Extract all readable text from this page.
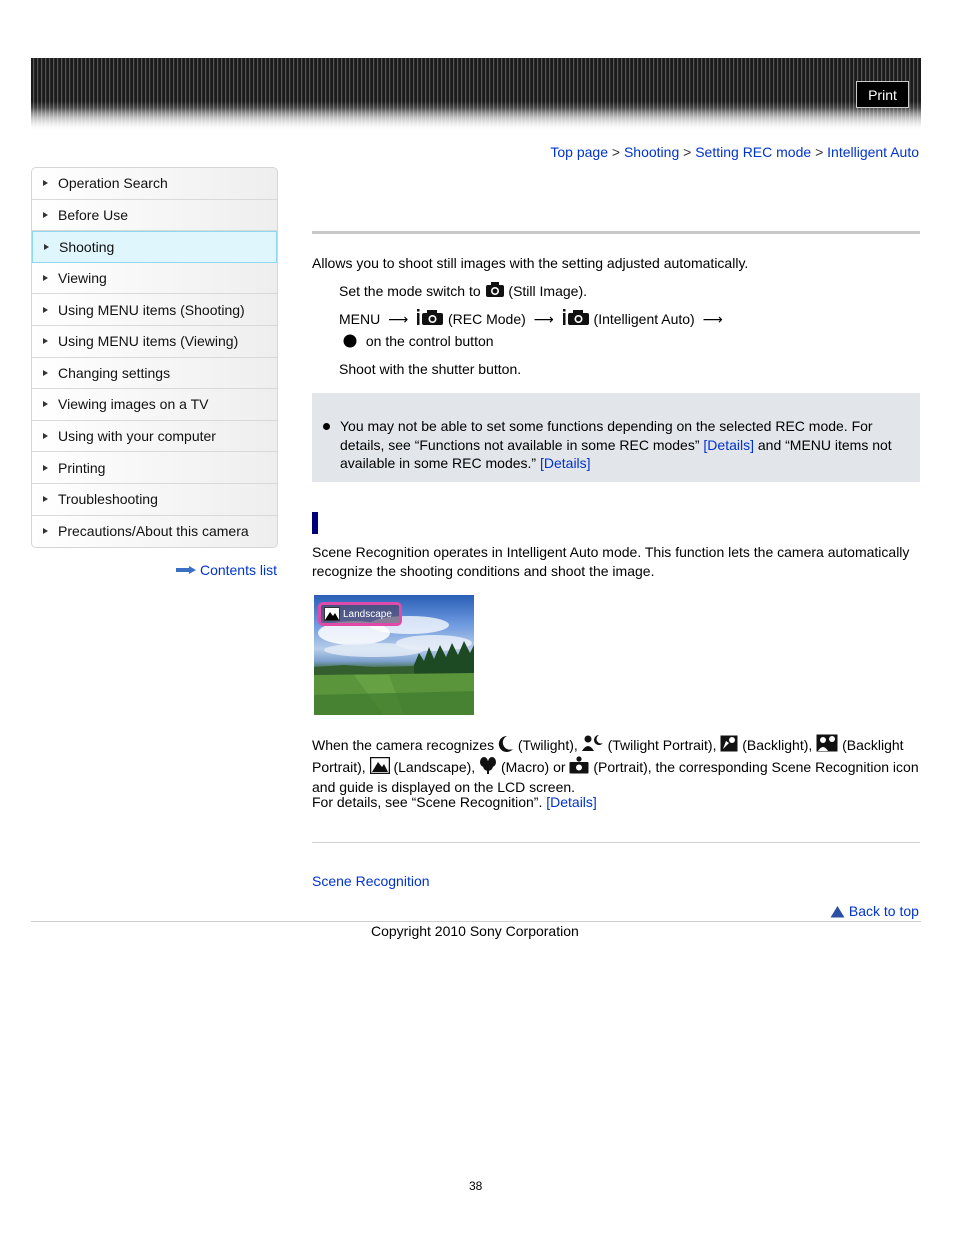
Print
Top page > Shooting > Setting REC mode > Intelligent Auto
Operation Search
Before Use
Shooting
Viewing
Using MENU items (Shooting)
Using MENU items (Viewing)
Changing settings
Viewing images on a TV
Using with your computer
Printing
Troubleshooting
Precautions/About this camera
Contents list
Allows you to shoot still images with the setting adjusted automatically.
Set the mode switch to (Still Image).
MENU ⟶	(REC Mode) ⟶	(Intelligent Auto) ⟶
on the control button
Shoot with the shutter button.
You may not be able to set some functions depending on the selected REC mode. For details, see “Functions not available in some REC modes” [Details] and “MENU items not available in some REC modes.” [Details]
Scene Recognition operates in Intelligent Auto mode. This function lets the camera automatically recognize the shooting conditions and shoot the image.
Landscape
When the camera recognizes (Twilight), (Twilight Portrait), (Backlight), (Backlight Portrait), (Landscape), (Macro) or (Portrait), the corresponding Scene Recognition icon
and guide is displayed on the LCD screen.
For details, see “Scene Recognition”. [Details]
Scene Recognition
Back to top
Copyright 2010 Sony Corporation
38
